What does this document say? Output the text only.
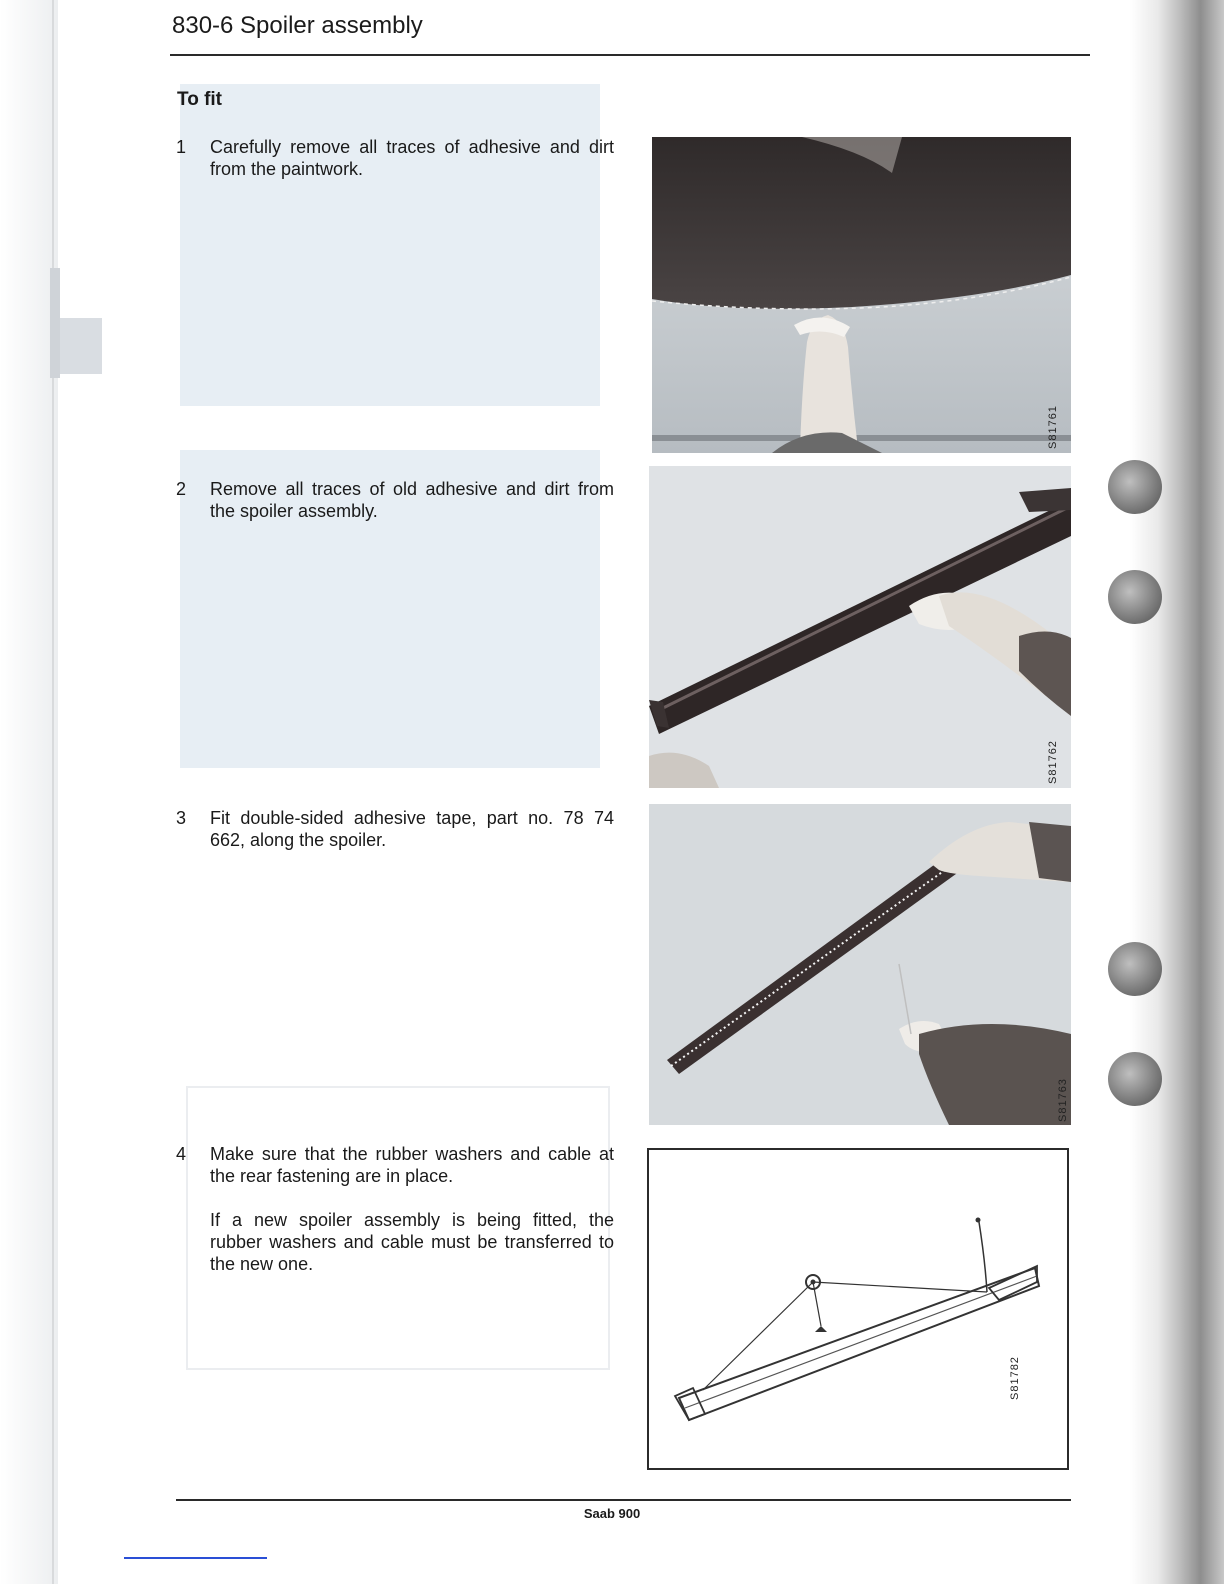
830-6 Spoiler assembly
To fit
1	Carefully remove all traces of adhesive and dirt from the paintwork.
2	Remove all traces of old adhesive and dirt from the spoiler assembly.
3	Fit double-sided adhesive tape, part no. 78 74 662, along the spoiler.
4	Make sure that the rubber washers and cable at the rear fastening are in place.
If a new spoiler assembly is being fitted, the rubber washers and cable must be transferred to the new one.
S81761
S81762
S81763
S81782
Saab 900
